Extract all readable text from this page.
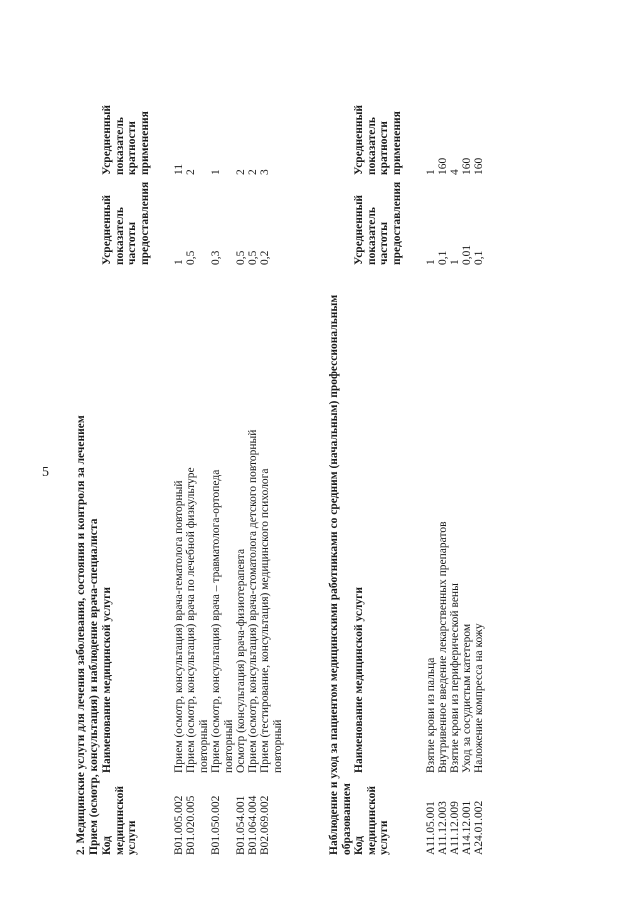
5 2. Медицинские услуги для лечения заболевания, состояния и контроля за лечением Прием (осмотр, консультация) и наблюдение врача-специалиста	Наблюдение и уход за пациентом медицинскими работниками со средним (начальным) профессиональным образованием
Код медицинской услуги
Наименование медицинской услуги
Усредненный показатель частоты предоставления
Усредненный показатель кратности применения
B01.005.002
Прием (осмотр, консультация) врача-гематолога повторный
1
11
B01.020.005
Прием (осмотр, консультация) врача по лечебной физкультуре повторный
0,5
2
B01.050.002
Прием (осмотр, консультация) врача – травматолога-ортопеда повторный
0,3
1
B01.054.001
Осмотр (консультация) врача-физиотерапевта
0,5
2
B01.064.004
Прием (осмотр, консультация) врача-стоматолога детского повторный
0,5
2
B02.069.002
Прием (тестирование, консультация) медицинского психолога повторный
0,2
3
Код медицинской услуги
Наименование медицинской услуги
Усредненный показатель частоты предоставления
Усредненный показатель кратности применения
A11.05.001
Взятие крови из пальца
1
1
A11.12.003
Внутривенное введение лекарственных препаратов
0,1
160
A11.12.009
Взятие крови из периферической вены
1
4
A14.12.001
Уход за сосудистым катетером
0,01
160
A24.01.002
Наложение компресса на кожу
0,1
160
